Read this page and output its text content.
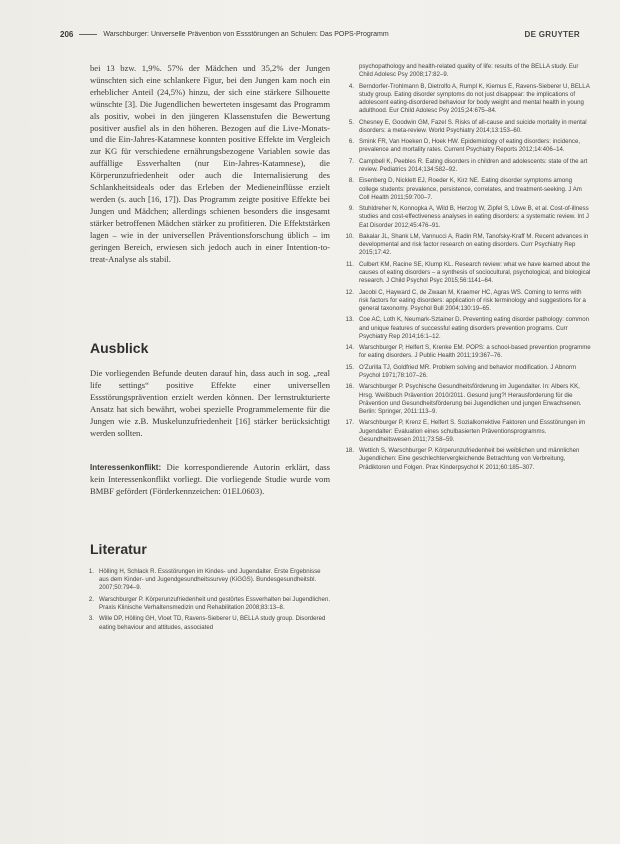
206	Warschburger: Universelle Prävention von Essstörungen an Schulen: Das POPS-Programm	DE GRUYTER

bei 13 bzw. 1,9%. 57% der Mädchen und 35,2% der Jungen wünschten sich eine schlankere Figur, bei den Jungen kam noch ein erheblicher Anteil (24,5%) hinzu, der sich eine stärkere Silhouette wünschte [3]. Die Jugendlichen bewerteten insgesamt das Programm als positiv, wobei in den jüngeren Klassenstufen die Bewertung positiver ausfiel als in den höheren. Bezogen auf die Live-Monats- und die Ein-Jahres-Katamnese konnten positive Effekte im Vergleich zur KG für verschiedene ernährungsbezogene Variablen sowie das auffällige Essverhalten (nur Ein-Jahres-Katamnese), die Körperunzufriedenheit oder auch die Internalisierung des Schlankheitsideals oder das Erleben der Medieneinflüsse erzielt werden (s. auch [16, 17]). Das Programm zeigte positive Effekte bei Jungen und Mädchen; allerdings schienen besonders die insgesamt stärker betroffenen Mädchen stärker zu profitieren. Die Effektstärken lagen – wie in der universellen Präventionsforschung üblich – im geringen Bereich, erwiesen sich jedoch auch in einer Intention-to-treat-Analyse als stabil.

Ausblick
Die vorliegenden Befunde deuten darauf hin, dass auch in sog. „real life settings“ positive Effekte einer universellen Essstörungsprävention erzielt werden können. Der lernstrukturierte Ansatz hat sich bewährt, wobei spezielle Programmelemente für die Jungen wie z.B. Muskelunzufriedenheit [16] stärker berücksichtigt werden sollten.
Interessenkonflikt: Die korrespondierende Autorin erklärt, dass kein Interessenkonflikt vorliegt. Die vorliegende Studie wurde vom BMBF gefördert (Förderkennzeichen: 01EL0603).
Literatur
1. Hölling H, Schlack R. Essstörungen im Kindes- und Jugendalter. Erste Ergebnisse aus dem Kinder- und Jugendgesundheitssurvey (KiGGS). Bundesgesundheitsbl. 2007;50:794–9.
2. Warschburger P. Körperunzufriedenheit und gestörtes Essverhalten bei Jugendlichen. Praxis Klinische Verhaltensmedizin und Rehabilitation 2008;83:13–8.
3. Wille DP, Hölling GH, Vloet TD, Ravens-Sieberer U, BELLA study group. Disordered eating behaviour and attitudes, associated
psychopathology and health-related quality of life: results of the BELLA study. Eur Child Adolesc Psy 2008;17:82–9.
4. Berndorfer-Trohlmann B, Dietrolfo A, Rumpl K, Kiemus E, Ravens-Sieberer U, BELLA study group. Eating disorder symptoms do not just disappear: the implications of adolescent eating-disordered behaviour for body weight and mental health in young adulthood. Eur Child Adolesc Psy 2015;24:675–84.
5. Chesney E, Goodwin GM, Fazel S. Risks of all-cause and suicide mortality in mental disorders: a meta-review. World Psychiatry 2014;13:153–60.
6. Smink FR, Van Hoeken D, Hoek HW. Epidemiology of eating disorders: incidence, prevalence and mortality rates. Current Psychiatry Reports 2012;14:406–14.
7. Campbell K, Peebles R. Eating disorders in children and adolescents: state of the art review. Pediatrics 2014;134:582–92.
8. Eisenberg D, Nicklett EJ, Roeder K, Kirz NE. Eating disorder symptoms among college students: prevalence, persistence, correlates, and treatment-seeking. J Am Coll Health 2011;59:700–7.
9. Stuhldreher N, Konnopka A, Wild B, Herzog W, Zipfel S, Löwe B, et al. Cost-of-illness studies and cost-effectiveness analyses in eating disorders: a systematic review. Int J Eat Disorder 2012;45:476–91.
10. Bakalar JL, Shank LM, Vannucci A, Radin RM, Tanofsky-Kraff M. Recent advances in developmental and risk factor research on eating disorders. Curr Psychiatry Rep 2015;17:42.
11. Culbert KM, Racine SE, Klump KL. Research review: what we have learned about the causes of eating disorders – a synthesis of sociocultural, psychological, and biological research. J Child Psychol Psyc 2015;56:1141–64.
12. Jacobi C, Hayward C, de Zwaan M, Kraemer HC, Agras WS. Coming to terms with risk factors for eating disorders: application of risk terminology and suggestions for a general taxonomy. Psychol Bull 2004;130:19–65.
13. Coe AC, Loth K, Neumark-Sztainer D. Preventing eating disorder pathology: common and unique features of successful eating disorders prevention programs. Curr Psychiatry Rep 2014;16:1–12.
14. Warschburger P, Helfert S, Krenke EM. POPS: a school-based prevention programme for eating disorders. J Public Health 2011;19:367–76.
15. O'Zurilla TJ, Goldfried MR. Problem solving and behavior modification. J Abnorm Psychol 1971;78:107–26.
16. Warschburger P. Psychische Gesundheitsförderung im Jugendalter. In: Albers KK, Hrsg. Weißbuch Prävention 2010/2011. Gesund jung?! Herausforderung für die Prävention und Gesundheitsförderung bei Jugendlichen und jungen Erwachsenen. Berlin: Springer, 2011:113–9.
17. Warschburger P, Krenz E, Helfert S. Sozialkorrektive Faktoren und Essstörungen im Jugendalter: Evaluation eines schulbasierten Präventionsprogramms. Gesundheitswesen 2011;73:58–59.
18. Wettich S, Warschburger P. Körperunzufriedenheit bei weiblichen und männlichen Jugendlichen: Eine geschlechtervergleichende Betrachtung von Verbreitung, Prädiktoren und Folgen. Prax Kinderpsychol K 2011;60:185–307.
